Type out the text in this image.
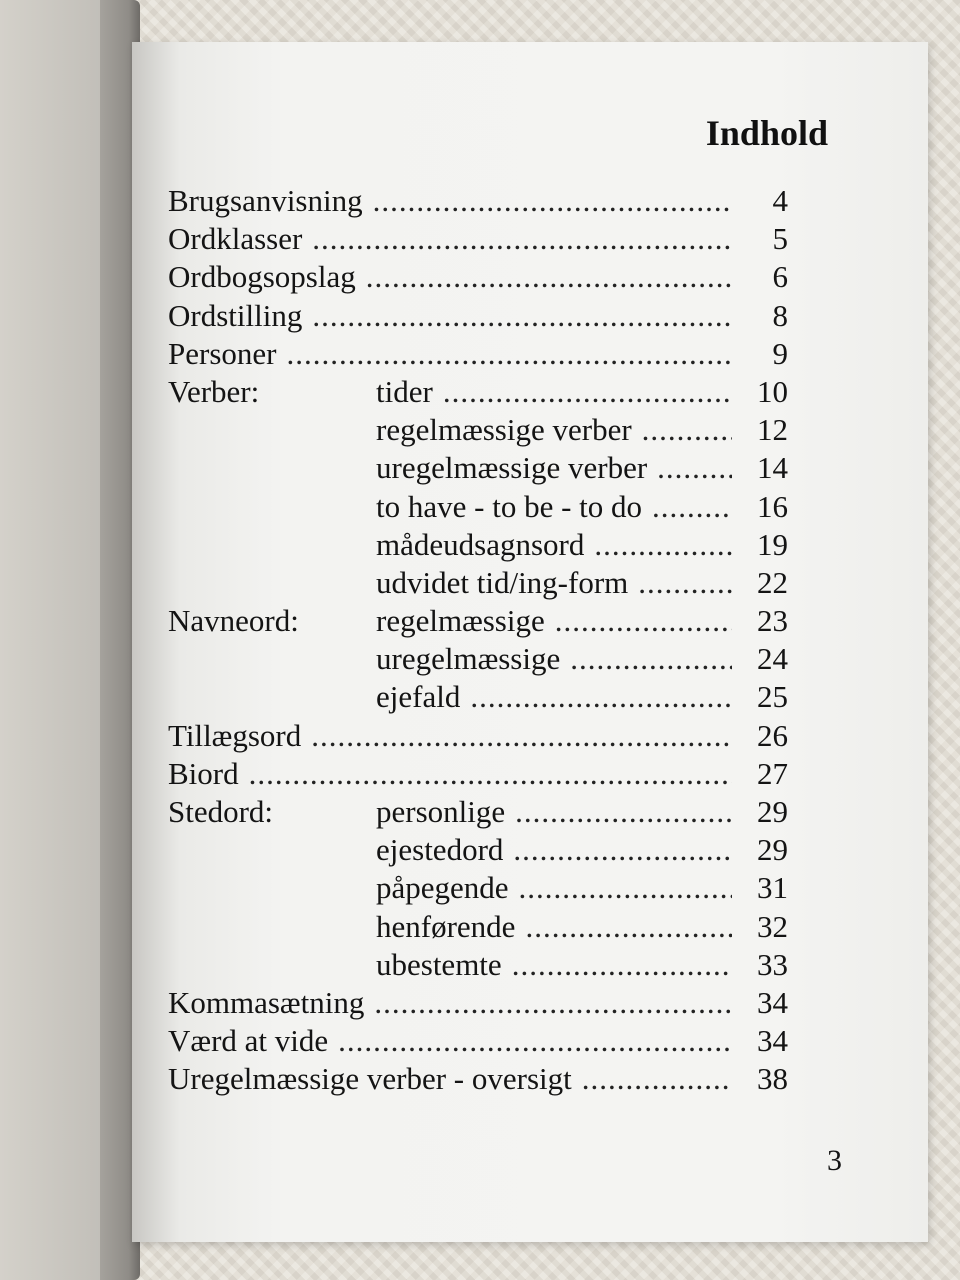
Indhold
Brugsanvisning .....	4
Ordklasser .....	5
Ordbogsopslag .....	6
Ordstilling .....	8
Personer .....	9
Verber:	tider .....	10
regelmæssige verber .....	12
uregelmæssige verber .....	14
to have - to be - to do .....	16
mådeudsagnsord .....	19
udvidet tid/ing-form .....	22
Navneord: regelmæssige .....	23
uregelmæssige .....	24
ejefald .....	25
Tillægsord .....	26
Biord .....	27
Stedord:	personlige .....	29
ejestedord .....	29
påpegende .....	31
henførende .....	32
ubestemte .....	33
Kommasætning .....	34
Værd at vide .....	34
Uregelmæssige verber - oversigt .....	38
3
